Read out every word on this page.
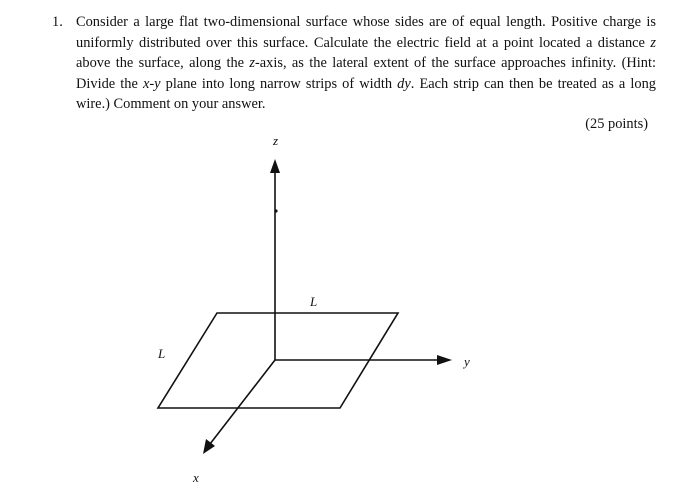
1. Consider a large flat two-dimensional surface whose sides are of equal length. Positive charge is uniformly distributed over this surface. Calculate the electric field at a point located a distance z above the surface, along the z-axis, as the lateral extent of the surface approaches infinity. (Hint: Divide the x-y plane into long narrow strips of width dy. Each strip can then be treated as a long wire.) Comment on your answer.
(25 points)
z
y
x
L
L
